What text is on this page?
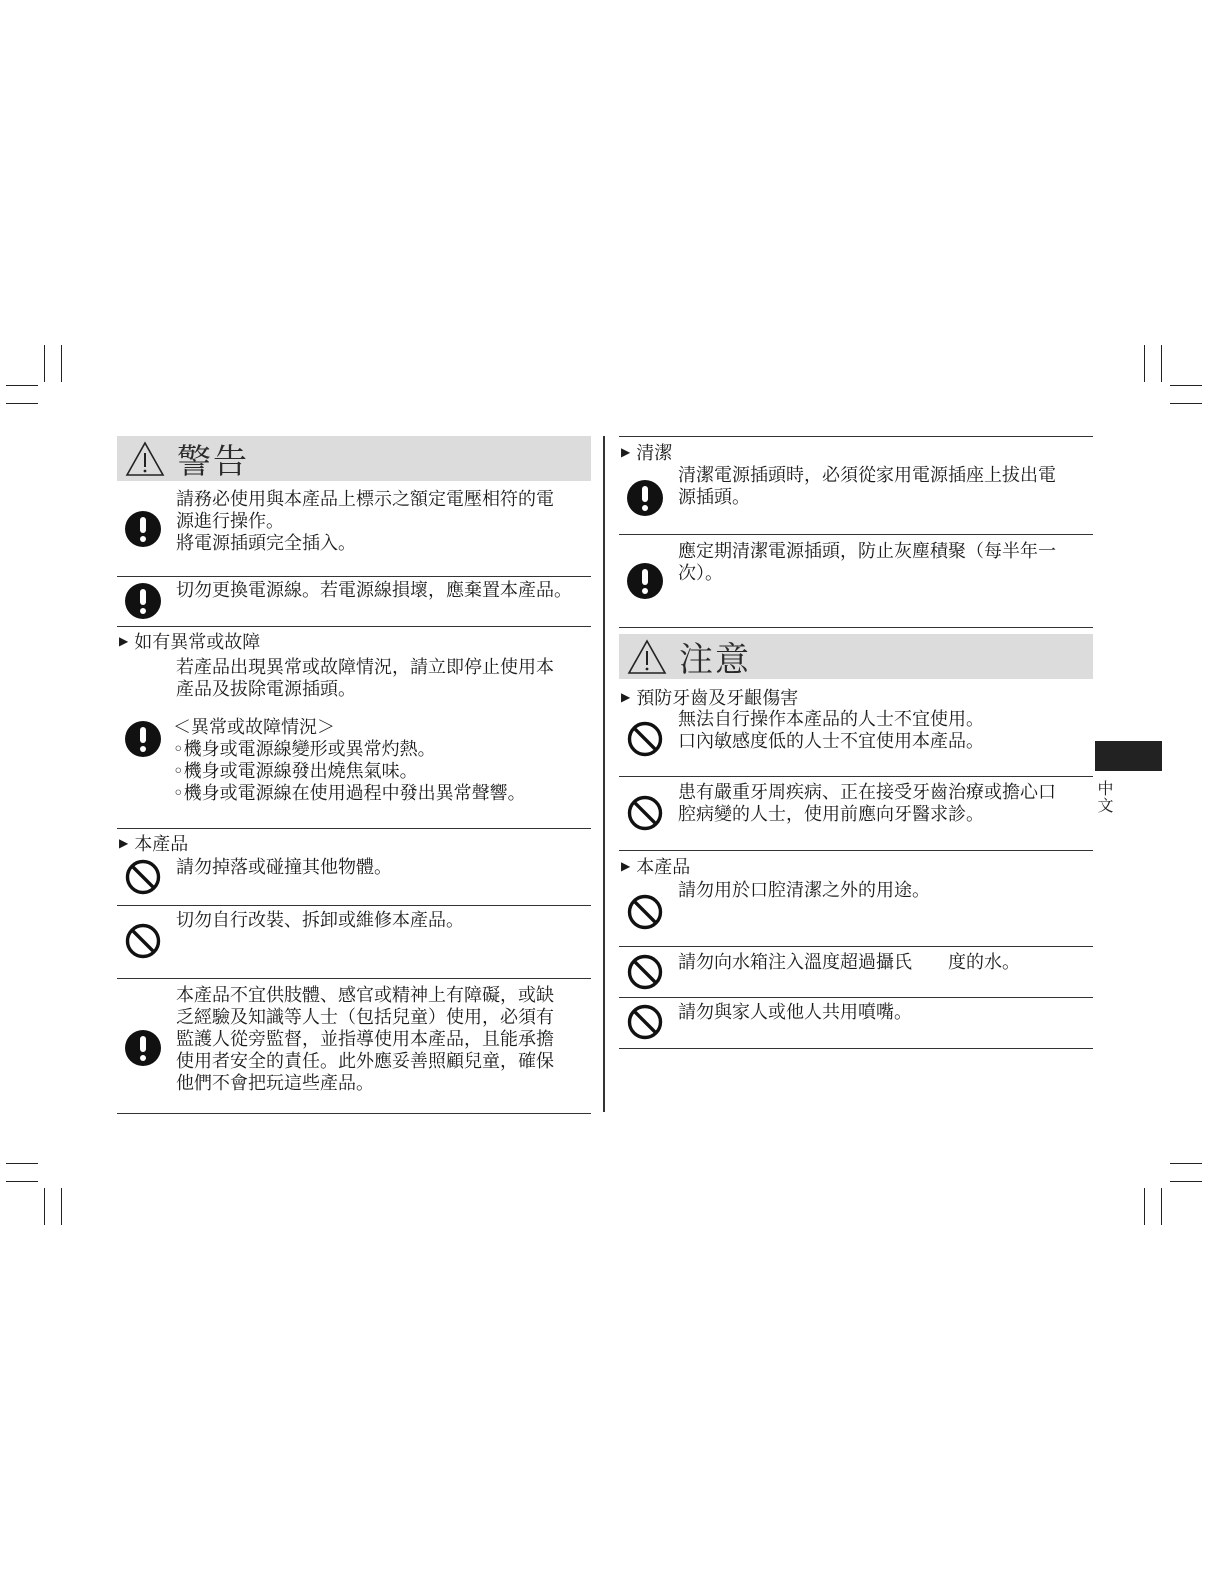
警告
請務必使用與本產品上標示之額定電壓相符的電
源進行操作。
將電源插頭完全插入。
切勿更換電源線。若電源線損壞，應棄置本產品。
▶ 如有異常或故障
若產品出現異常或故障情況，請立即停止使用本
產品及拔除電源插頭。
＜異常或故障情況＞
◦機身或電源線變形或異常灼熱。
◦機身或電源線發出燒焦氣味。
◦機身或電源線在使用過程中發出異常聲響。
▶ 本產品
請勿掉落或碰撞其他物體。
切勿自行改裝、拆卸或維修本產品。
本產品不宜供肢體、感官或精神上有障礙，或缺
乏經驗及知識等人士（包括兒童）使用，必須有
監護人從旁監督，並指導使用本產品，且能承擔
使用者安全的責任。此外應妥善照顧兒童，確保
他們不會把玩這些產品。
▶ 清潔
清潔電源插頭時，必須從家用電源插座上拔出電
源插頭。
應定期清潔電源插頭，防止灰塵積聚（每半年一
次）。
注意
▶ 預防牙齒及牙齦傷害
無法自行操作本產品的人士不宜使用。
口內敏感度低的人士不宜使用本產品。
患有嚴重牙周疾病、正在接受牙齒治療或擔心口
腔病變的人士，使用前應向牙醫求診。
▶ 本產品
請勿用於口腔清潔之外的用途。
請勿向水箱注入溫度超過攝氏　　度的水。
請勿與家人或他人共用噴嘴。
中文
